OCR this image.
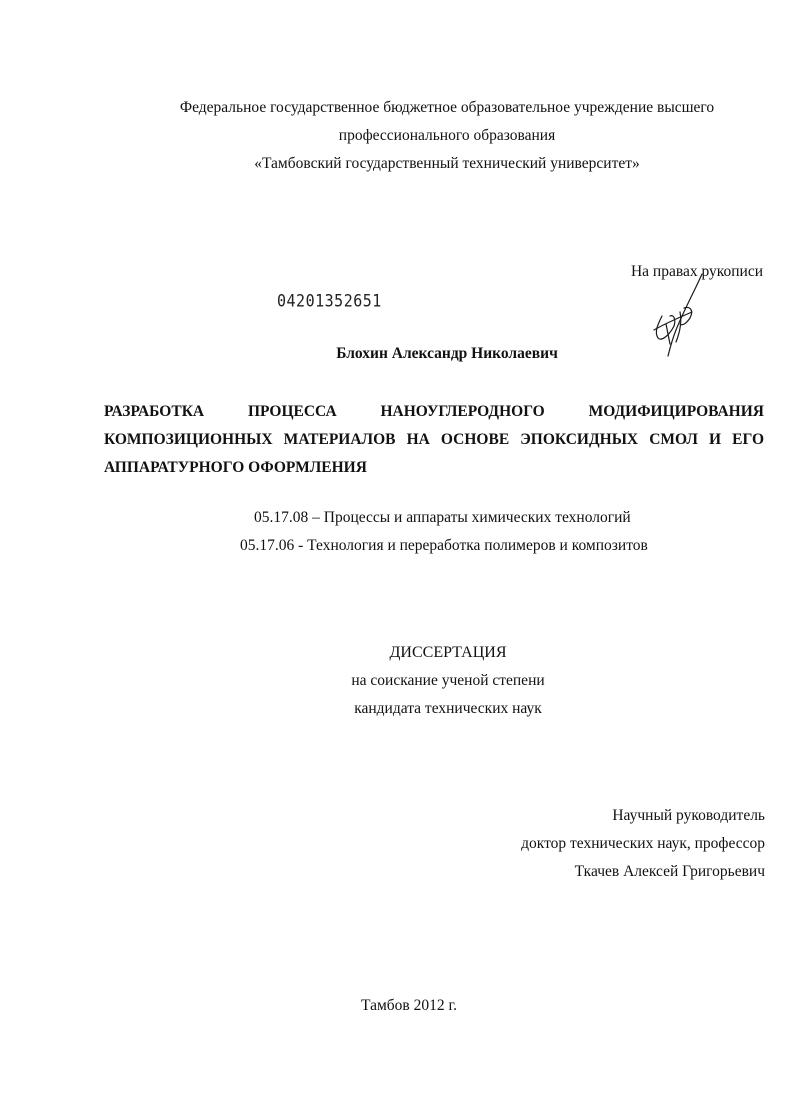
Федеральное государственное бюджетное образовательное учреждение высшего
профессионального образования
«Тамбовский государственный технический университет»
На правах рукописи
04201352651
Блохин Александр Николаевич
РАЗРАБОТКА ПРОЦЕССА НАНОУГЛЕРОДНОГО МОДИФИЦИРОВАНИЯ
КОМПОЗИЦИОННЫХ МАТЕРИАЛОВ НА ОСНОВЕ ЭПОКСИДНЫХ СМОЛ И ЕГО
АППАРАТУРНОГО ОФОРМЛЕНИЯ
05.17.08 – Процессы и аппараты химических технологий
05.17.06 - Технология и переработка полимеров и композитов
ДИССЕРТАЦИЯ
на соискание ученой степени
кандидата технических наук
Научный руководитель
доктор технических наук, профессор
Ткачев Алексей Григорьевич
Тамбов 2012 г.
